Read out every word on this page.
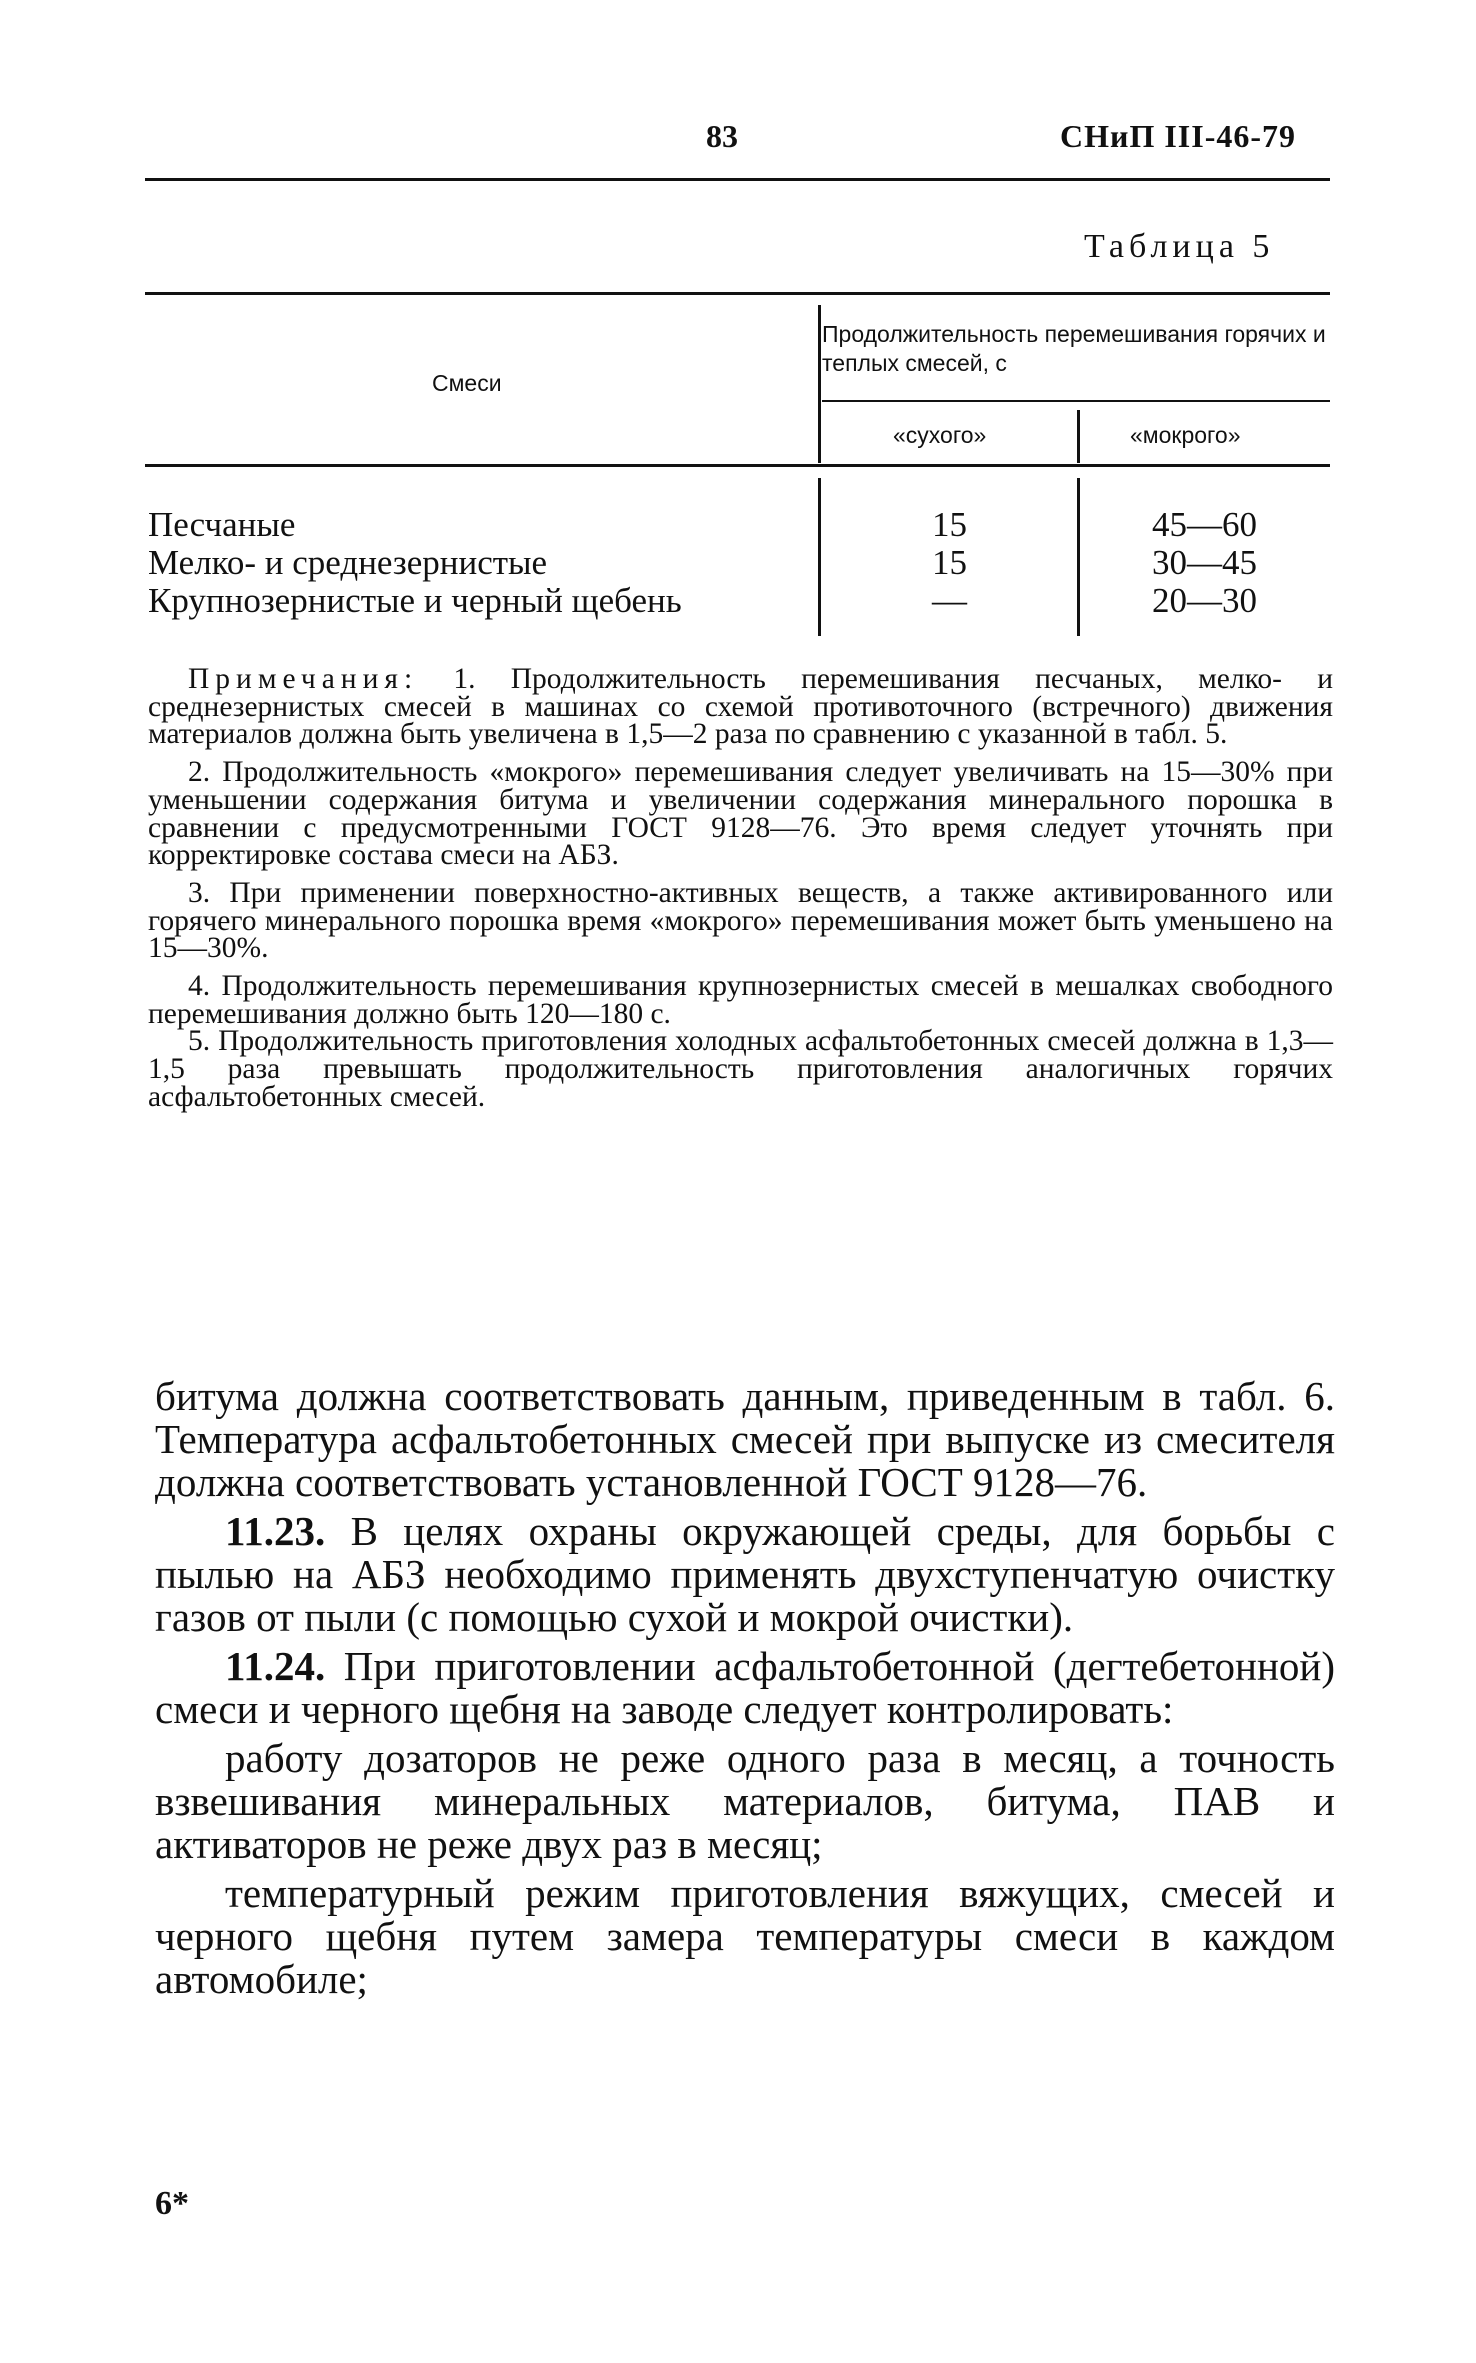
83	СНиП III-46-79
Таблица 5
Смеси
Продолжительность перемешивания горячих и теплых смесей, с
«сухого»	«мокрого»
Песчаные	15	45—60
Мелко- и среднезернистые	15	30—45
Крупнозернистые и черный щебень	—	20—30

Примечания: 1. Продолжительность перемешивания песчаных, мелко- и среднезернистых смесей в машинах со схемой противоточного (встречного) движения материалов должна быть увеличена в 1,5—2 раза по сравнению с указанной в табл. 5.

2. Продолжительность «мокрого» перемешивания следует увеличивать на 15—30% при уменьшении содержания битума и увеличении содержания минерального порошка в сравнении с предусмотренными ГОСТ 9128—76. Это время следует уточнять при корректировке состава смеси на АБЗ.

3. При применении поверхностно-активных веществ, а также активированного или горячего минерального порошка время «мокрого» перемешивания может быть уменьшено на 15—30%.

4. Продолжительность перемешивания крупнозернистых смесей в мешалках свободного перемешивания должно быть 120—180 с.

5. Продолжительность приготовления холодных асфальтобетонных смесей должна в 1,3—1,5 раза превышать продолжительность приготовления аналогичных горячих асфальтобетонных смесей.

битума должна соответствовать данным, приведенным в табл. 6. Температура асфальтобетонных смесей при выпуске из смесителя должна соответствовать установленной ГОСТ 9128—76.

11.23. В целях охраны окружающей среды, для борьбы с пылью на АБЗ необходимо применять двухступенчатую очистку газов от пыли (с помощью сухой и мокрой очистки).

11.24. При приготовлении асфальтобетонной (дегтебетонной) смеси и черного щебня на заводе следует контролировать:

работу дозаторов не реже одного раза в месяц, а точность взвешивания минеральных материалов, битума, ПАВ и активаторов не реже двух раз в месяц;

температурный режим приготовления вяжущих, смесей и черного щебня путем замера температуры смеси в каждом автомобиле;

6*
